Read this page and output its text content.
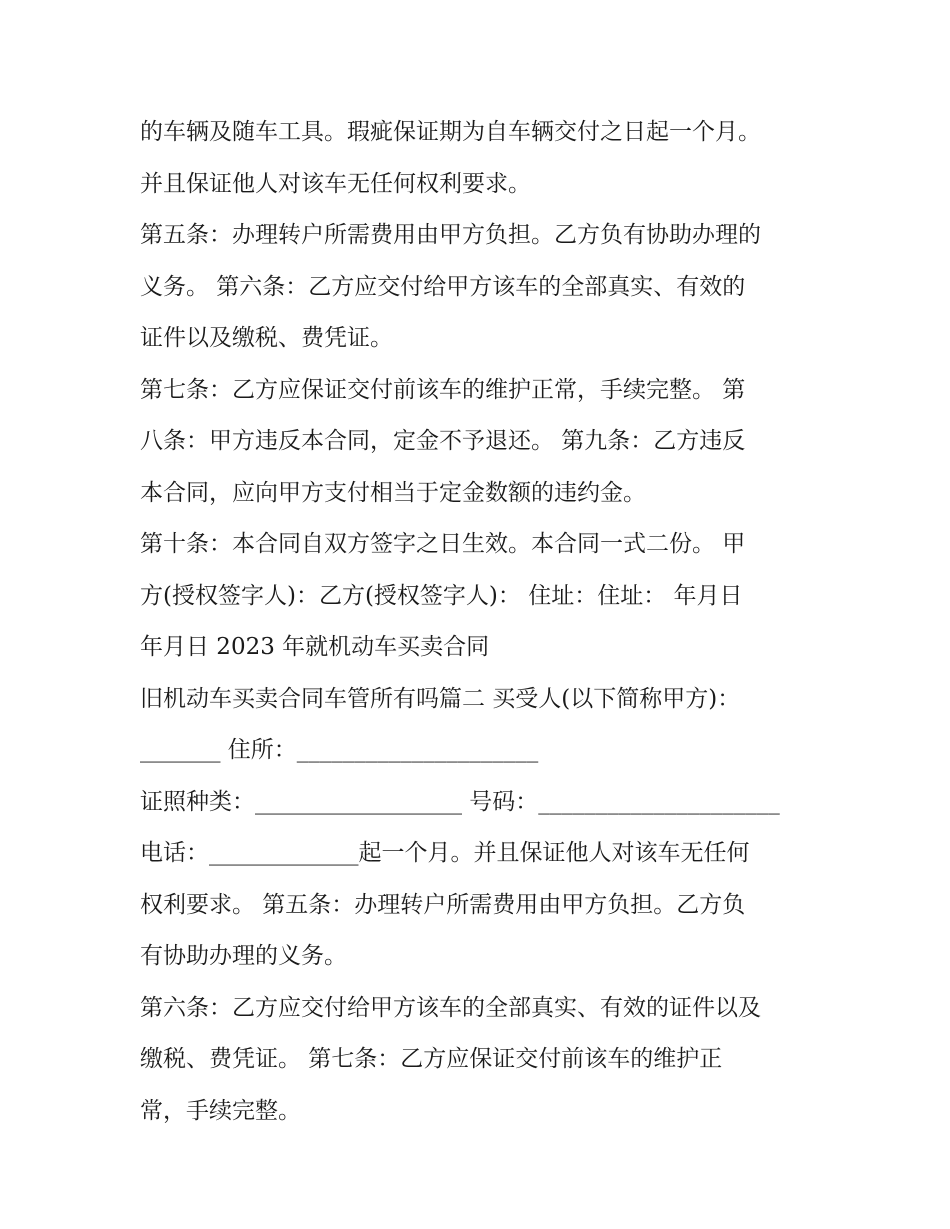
的车辆及随车工具。瑕疵保证期为自车辆交付之日起一个月。
并且保证他人对该车无任何权利要求。
第五条：办理转户所需费用由甲方负担。乙方负有协助办理的
义务。 第六条：乙方应交付给甲方该车的全部真实、有效的
证件以及缴税、费凭证。
第七条：乙方应保证交付前该车的维护正常，手续完整。 第
八条：甲方违反本合同，定金不予退还。 第九条：乙方违反
本合同，应向甲方支付相当于定金数额的违约金。
第十条：本合同自双方签字之日生效。本合同一式二份。 甲
方(授权签字人)：乙方(授权签字人)： 住址：住址： 年月日
年月日 2023 年就机动车买卖合同
旧机动车买卖合同车管所有吗篇二 买受人(以下简称甲方)：
_______ 住所：_____________________
证照种类：__________________ 号码：_____________________
电话：_____________起一个月。并且保证他人对该车无任何
权利要求。 第五条：办理转户所需费用由甲方负担。乙方负
有协助办理的义务。
第六条：乙方应交付给甲方该车的全部真实、有效的证件以及
缴税、费凭证。 第七条：乙方应保证交付前该车的维护正
常，手续完整。
